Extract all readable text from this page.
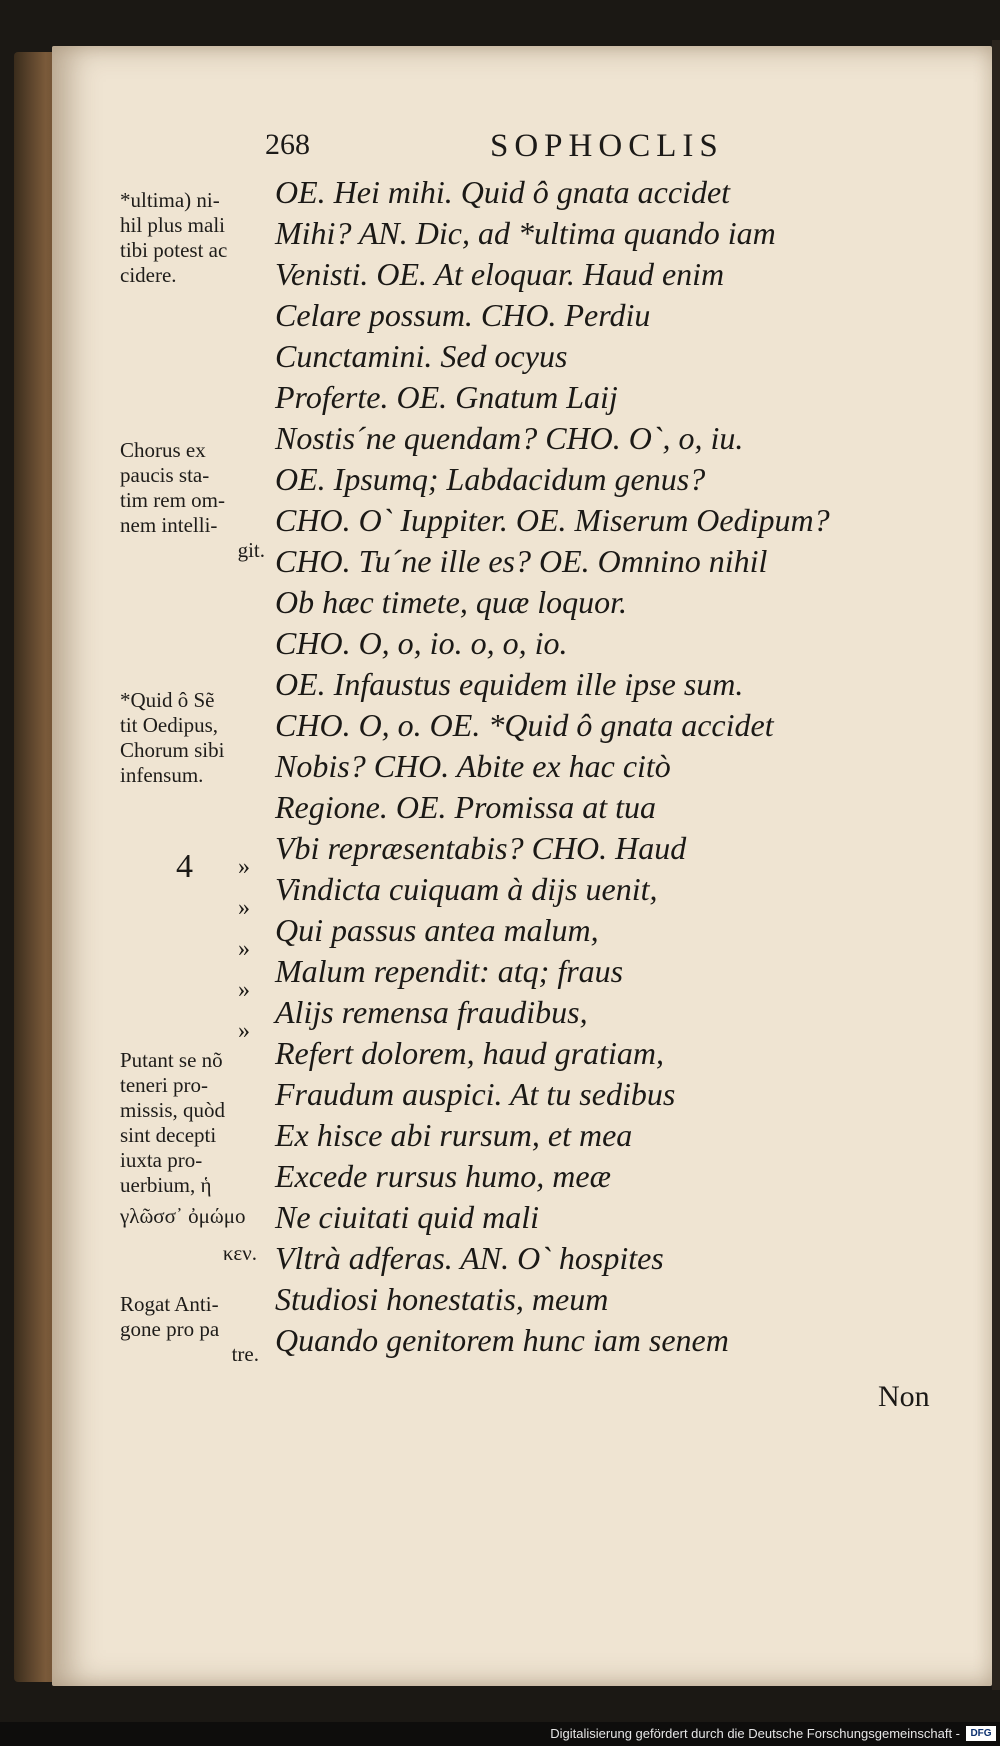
268	SOPHOCLIS
OE. Hei mihi. Quid ô gnata accidet
Mihi? AN. Dic, ad *ultima quando iam
Venisti. OE. At eloquar. Haud enim
Celare possum. CHO. Perdiu
Cunctamini. Sed ocyus
Proferte. OE. Gnatum Laij
Nostis´ne quendam? CHO. O`, o, iu.
OE. Ipsumq; Labdacidum genus?
CHO. O` Iuppiter. OE. Miserum Oedipum?
CHO. Tu´ne ille es? OE. Omnino nihil
Ob hæc timete, quæ loquor.
CHO. O, o, io. o, o, io.
OE. Infaustus equidem ille ipse sum.
CHO. O, o. OE. *Quid ô gnata accidet
Nobis? CHO. Abite ex hac citò
Regione. OE. Promissa at tua
Vbi repræsentabis? CHO. Haud
Vindicta cuiquam à dijs uenit,
Qui passus antea malum,
Malum rependit: atq; fraus
Alijs remensa fraudibus,
Refert dolorem, haud gratiam,
Fraudum auspici. At tu sedibus
Ex hisce abi rursum, et mea
Excede rursus humo, meæ
Ne ciuitati quid mali
Vltrà adferas. AN. O` hospites
Studiosi honestatis, meum
Quando genitorem hunc iam senem
»
»
»
»
»
4
*ultima) ni-
hil plus mali
tibi potest ac
cidere.
Chorus ex
paucis sta-
tim rem om-
nem intelli-
git.
*Quid ô Sẽ
tit Oedipus,
Chorum sibi
infensum.
Putant se nõ
teneri pro-
missis, quòd
sint decepti
iuxta pro-
uerbium, ἡ
γλῶσσ᾽ ὀμώμο
κεν.
Rogat Anti-
gone pro pa
tre.
Non
Digitalisierung gefördert durch die Deutsche Forschungsgemeinschaft -	DFG
